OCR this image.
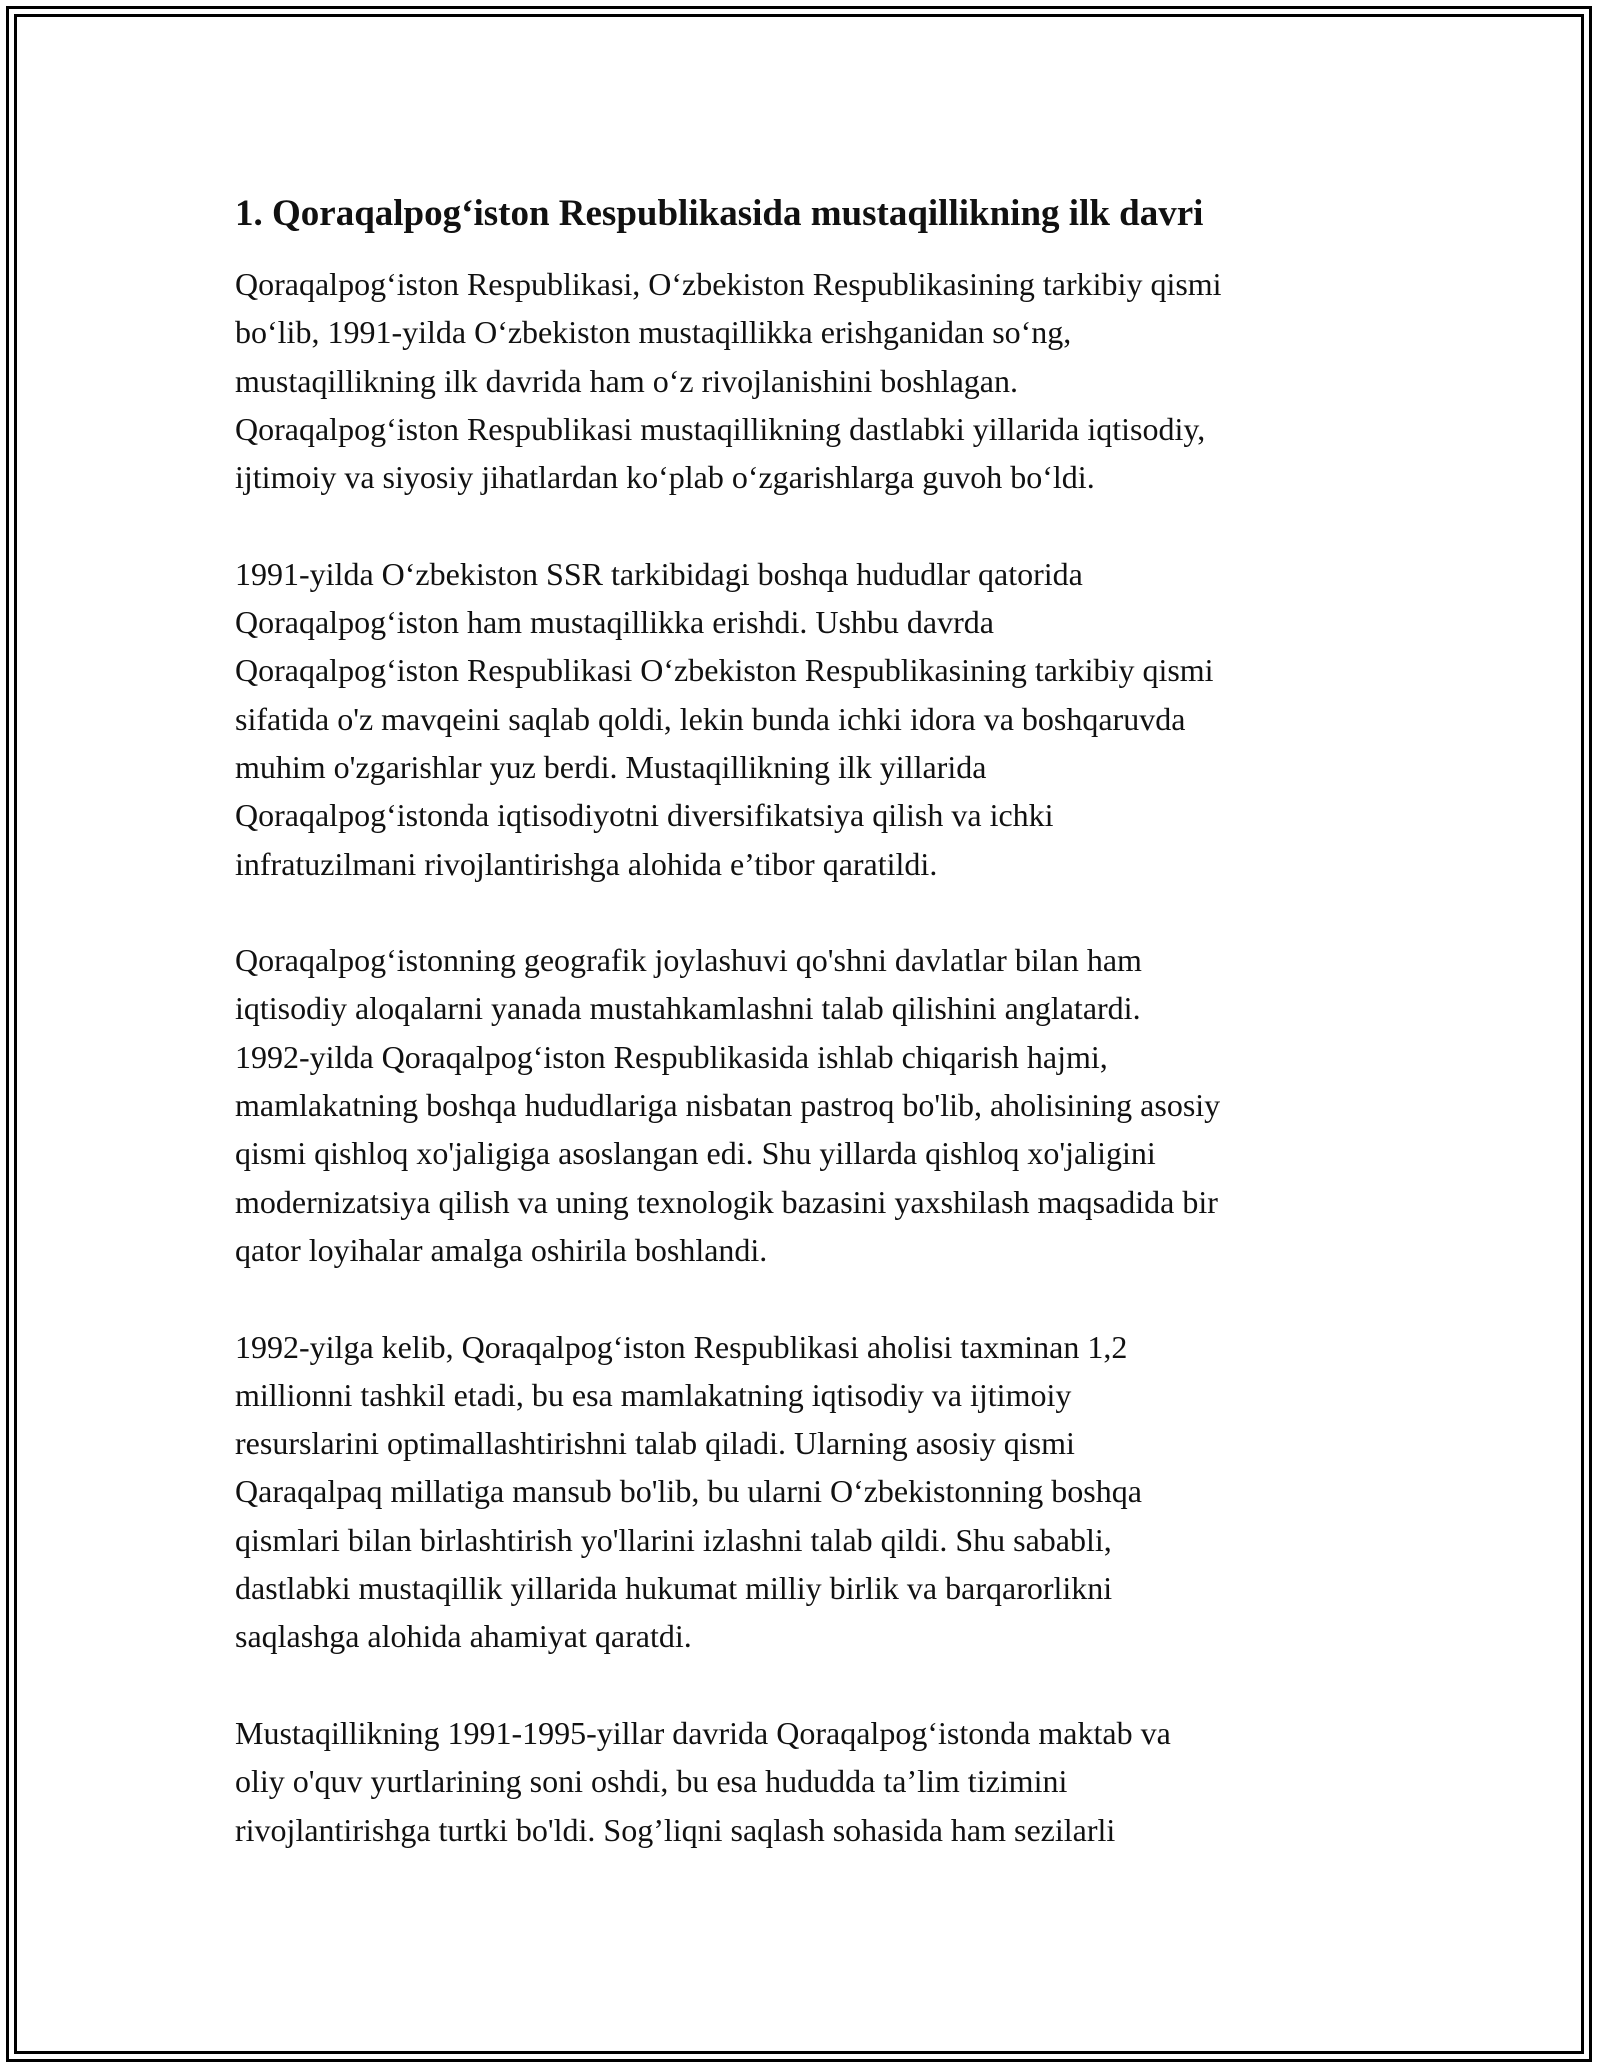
1. Qoraqalpog‘iston Respublikasida mustaqillikning ilk davri

Qoraqalpog‘iston Respublikasi, O‘zbekiston Respublikasining tarkibiy qismi
bo‘lib, 1991-yilda O‘zbekiston mustaqillikka erishganidan so‘ng,
mustaqillikning ilk davrida ham o‘z rivojlanishini boshlagan.
Qoraqalpog‘iston Respublikasi mustaqillikning dastlabki yillarida iqtisodiy,
ijtimoiy va siyosiy jihatlardan ko‘plab o‘zgarishlarga guvoh bo‘ldi.

1991-yilda O‘zbekiston SSR tarkibidagi boshqa hududlar qatorida
Qoraqalpog‘iston ham mustaqillikka erishdi. Ushbu davrda
Qoraqalpog‘iston Respublikasi O‘zbekiston Respublikasining tarkibiy qismi
sifatida o'z mavqeini saqlab qoldi, lekin bunda ichki idora va boshqaruvda
muhim o'zgarishlar yuz berdi. Mustaqillikning ilk yillarida
Qoraqalpog‘istonda iqtisodiyotni diversifikatsiya qilish va ichki
infratuzilmani rivojlantirishga alohida e’tibor qaratildi.

Qoraqalpog‘istonning geografik joylashuvi qo'shni davlatlar bilan ham
iqtisodiy aloqalarni yanada mustahkamlashni talab qilishini anglatardi.
1992-yilda Qoraqalpog‘iston Respublikasida ishlab chiqarish hajmi,
mamlakatning boshqa hududlariga nisbatan pastroq bo'lib, aholisining asosiy
qismi qishloq xo'jaligiga asoslangan edi. Shu yillarda qishloq xo'jaligini
modernizatsiya qilish va uning texnologik bazasini yaxshilash maqsadida bir
qator loyihalar amalga oshirila boshlandi.

1992-yilga kelib, Qoraqalpog‘iston Respublikasi aholisi taxminan 1,2
millionni tashkil etadi, bu esa mamlakatning iqtisodiy va ijtimoiy
resurslarini optimallashtirishni talab qiladi. Ularning asosiy qismi
Qaraqalpaq millatiga mansub bo'lib, bu ularni O‘zbekistonning boshqa
qismlari bilan birlashtirish yo'llarini izlashni talab qildi. Shu sababli,
dastlabki mustaqillik yillarida hukumat milliy birlik va barqarorlikni
saqlashga alohida ahamiyat qaratdi.

Mustaqillikning 1991-1995-yillar davrida Qoraqalpog‘istonda maktab va
oliy o'quv yurtlarining soni oshdi, bu esa hududda ta’lim tizimini
rivojlantirishga turtki bo'ldi. Sog’liqni saqlash sohasida ham sezilarli
